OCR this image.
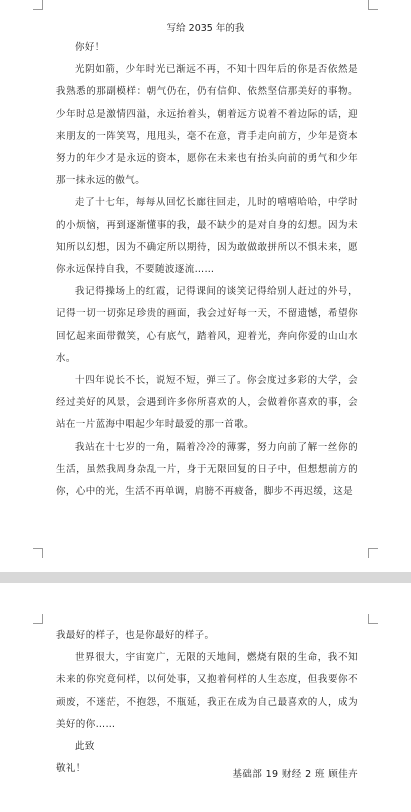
写给 2035 年的我

你好！

光阴如箭，少年时光已渐远不再，不知十四年后的你是否依然是我熟悉的那副模样：朝气仍在，仍有信仰、依然坚信那美好的事物。少年时总是激情四溢，永远抬着头，朝着远方说着不着边际的话，迎来朋友的一阵笑骂，甩甩头，毫不在意，背手走向前方，少年是资本努力的年少才是永远的资本，愿你在未来也有抬头向前的勇气和少年那一抹永远的傲气。

走了十七年，每每从回忆长廊往回走，儿时的嘻嘻哈哈，中学时的小烦恼，再到逐渐懂事的我，最不缺少的是对自身的幻想。因为未知所以幻想，因为不确定所以期待，因为敢做敢拼所以不惧未来，愿你永远保持自我，不要随波逐流……

我记得操场上的红霞，记得课间的谈笑记得给别人赶过的外号，记得一切一切弥足珍贵的画面，我会过好每一天，不留遗憾，希望你回忆起来面带微笑，心有底气，踏着风，迎着光，奔向你爱的山山水水。

十四年说长不长，说短不短，弹三了。你会度过多彩的大学，会经过美好的风景，会遇到许多你所喜欢的人，会做着你喜欢的事，会站在一片蓝海中唱起少年时最爱的那一首歌。

我站在十七岁的一角，隔着冷冷的薄雾，努力向前了解一丝你的生活，虽然我周身杂乱一片，身于无限回复的日子中，但想想前方的你，心中的光，生活不再单调，肩膀不再疲备，脚步不再迟缓，这是

我最好的样子，也是你最好的样子。

世界很大，宇宙宽广，无限的天地间，燃烧有限的生命，我不知未来的你究竟何样，以何处事，又抱着何样的人生态度，但我要你不顽废，不迷茫，不抱怨，不瓶延，我正在成为自己最喜欢的人，成为美好的你……

此致

敬礼！

基础部 19 财经 2 班 顾佳卉
